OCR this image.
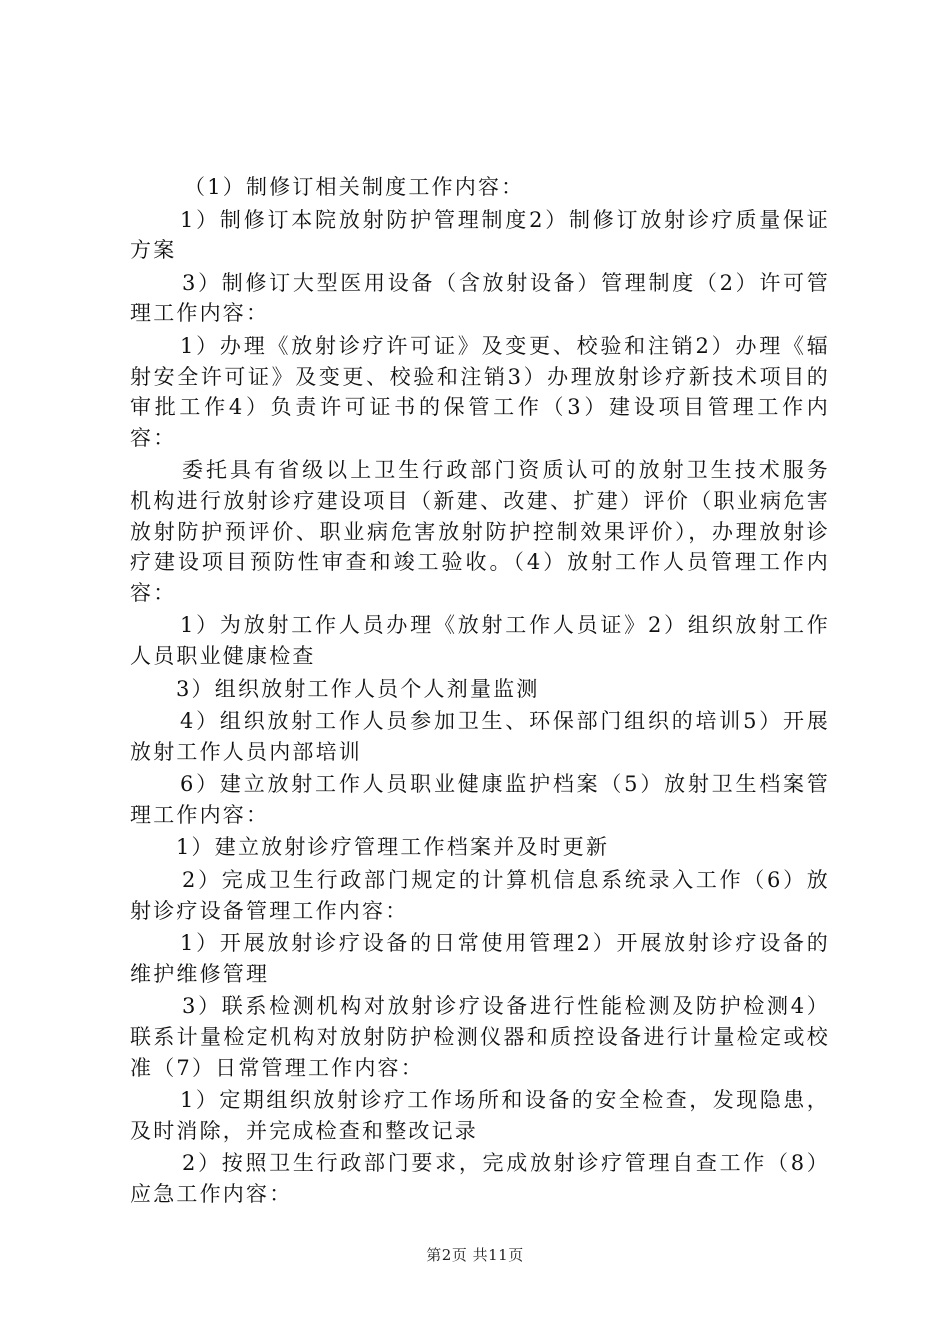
（1）制修订相关制度工作内容：

1）制修订本院放射防护管理制度2）制修订放射诊疗质量保证方案

3）制修订大型医用设备（含放射设备）管理制度（2）许可管理工作内容：

1）办理《放射诊疗许可证》及变更、校验和注销2）办理《辐射安全许可证》及变更、校验和注销3）办理放射诊疗新技术项目的审批工作4）负责许可证书的保管工作（3）建设项目管理工作内容：

委托具有省级以上卫生行政部门资质认可的放射卫生技术服务机构进行放射诊疗建设项目（新建、改建、扩建）评价（职业病危害放射防护预评价、职业病危害放射防护控制效果评价），办理放射诊疗建设项目预防性审查和竣工验收。（4）放射工作人员管理工作内容：

1）为放射工作人员办理《放射工作人员证》2）组织放射工作人员职业健康检查

3）组织放射工作人员个人剂量监测

4）组织放射工作人员参加卫生、环保部门组织的培训5）开展放射工作人员内部培训

6）建立放射工作人员职业健康监护档案（5）放射卫生档案管理工作内容：

1）建立放射诊疗管理工作档案并及时更新

2）完成卫生行政部门规定的计算机信息系统录入工作（6）放射诊疗设备管理工作内容：

1）开展放射诊疗设备的日常使用管理2）开展放射诊疗设备的维护维修管理

3）联系检测机构对放射诊疗设备进行性能检测及防护检测4）联系计量检定机构对放射防护检测仪器和质控设备进行计量检定或校准（7）日常管理工作内容：

1）定期组织放射诊疗工作场所和设备的安全检查，发现隐患，及时消除，并完成检查和整改记录

2）按照卫生行政部门要求，完成放射诊疗管理自查工作（8）应急工作内容：

第2页 共11页
